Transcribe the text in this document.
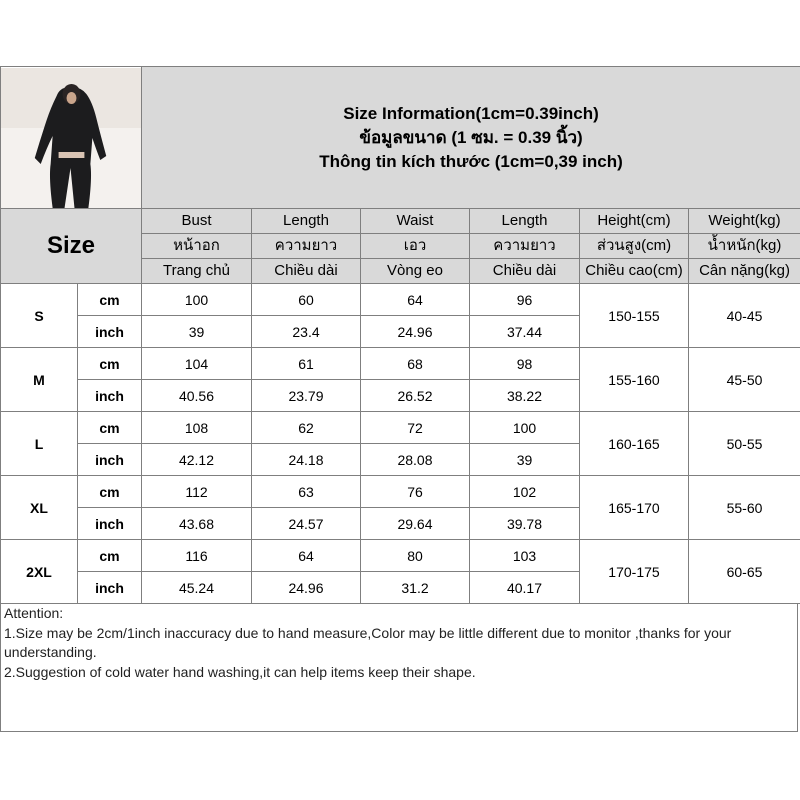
Size Information(1cm=0.39inch)
ข้อมูลขนาด (1 ซม. = 0.39 นิ้ว)
Thông tin kích thước (1cm=0,39 inch)					

Size		Bust	Length	Waist	Length	Height(cm)	Weight(kg)
		หน้าอก	ความยาว	เอว	ความยาว	ส่วนสูง(cm)	น้ำหนัก(kg)
		Trang chủ	Chiều dài	Vòng eo	Chiều dài	Chiều cao(cm)	Cân nặng(kg)
S	cm	100	60	64	96	150-155	40-45
	inch	39	23.4	24.96	37.44		
M	cm	104	61	68	98	155-160	45-50
	inch	40.56	23.79	26.52	38.22		
L	cm	108	62	72	100	160-165	50-55
	inch	42.12	24.18	28.08	39		
XL	cm	112	63	76	102	165-170	55-60
	inch	43.68	24.57	29.64	39.78		
2XL	cm	116	64	80	103	170-175	60-65
	inch	45.24	24.96	31.2	40.17		
Attention:
1.Size may be 2cm/1inch inaccuracy due to hand measure,Color may be little different due to monitor ,thanks for your understanding.
2.Suggestion of cold water hand washing,it can help items keep their shape.
